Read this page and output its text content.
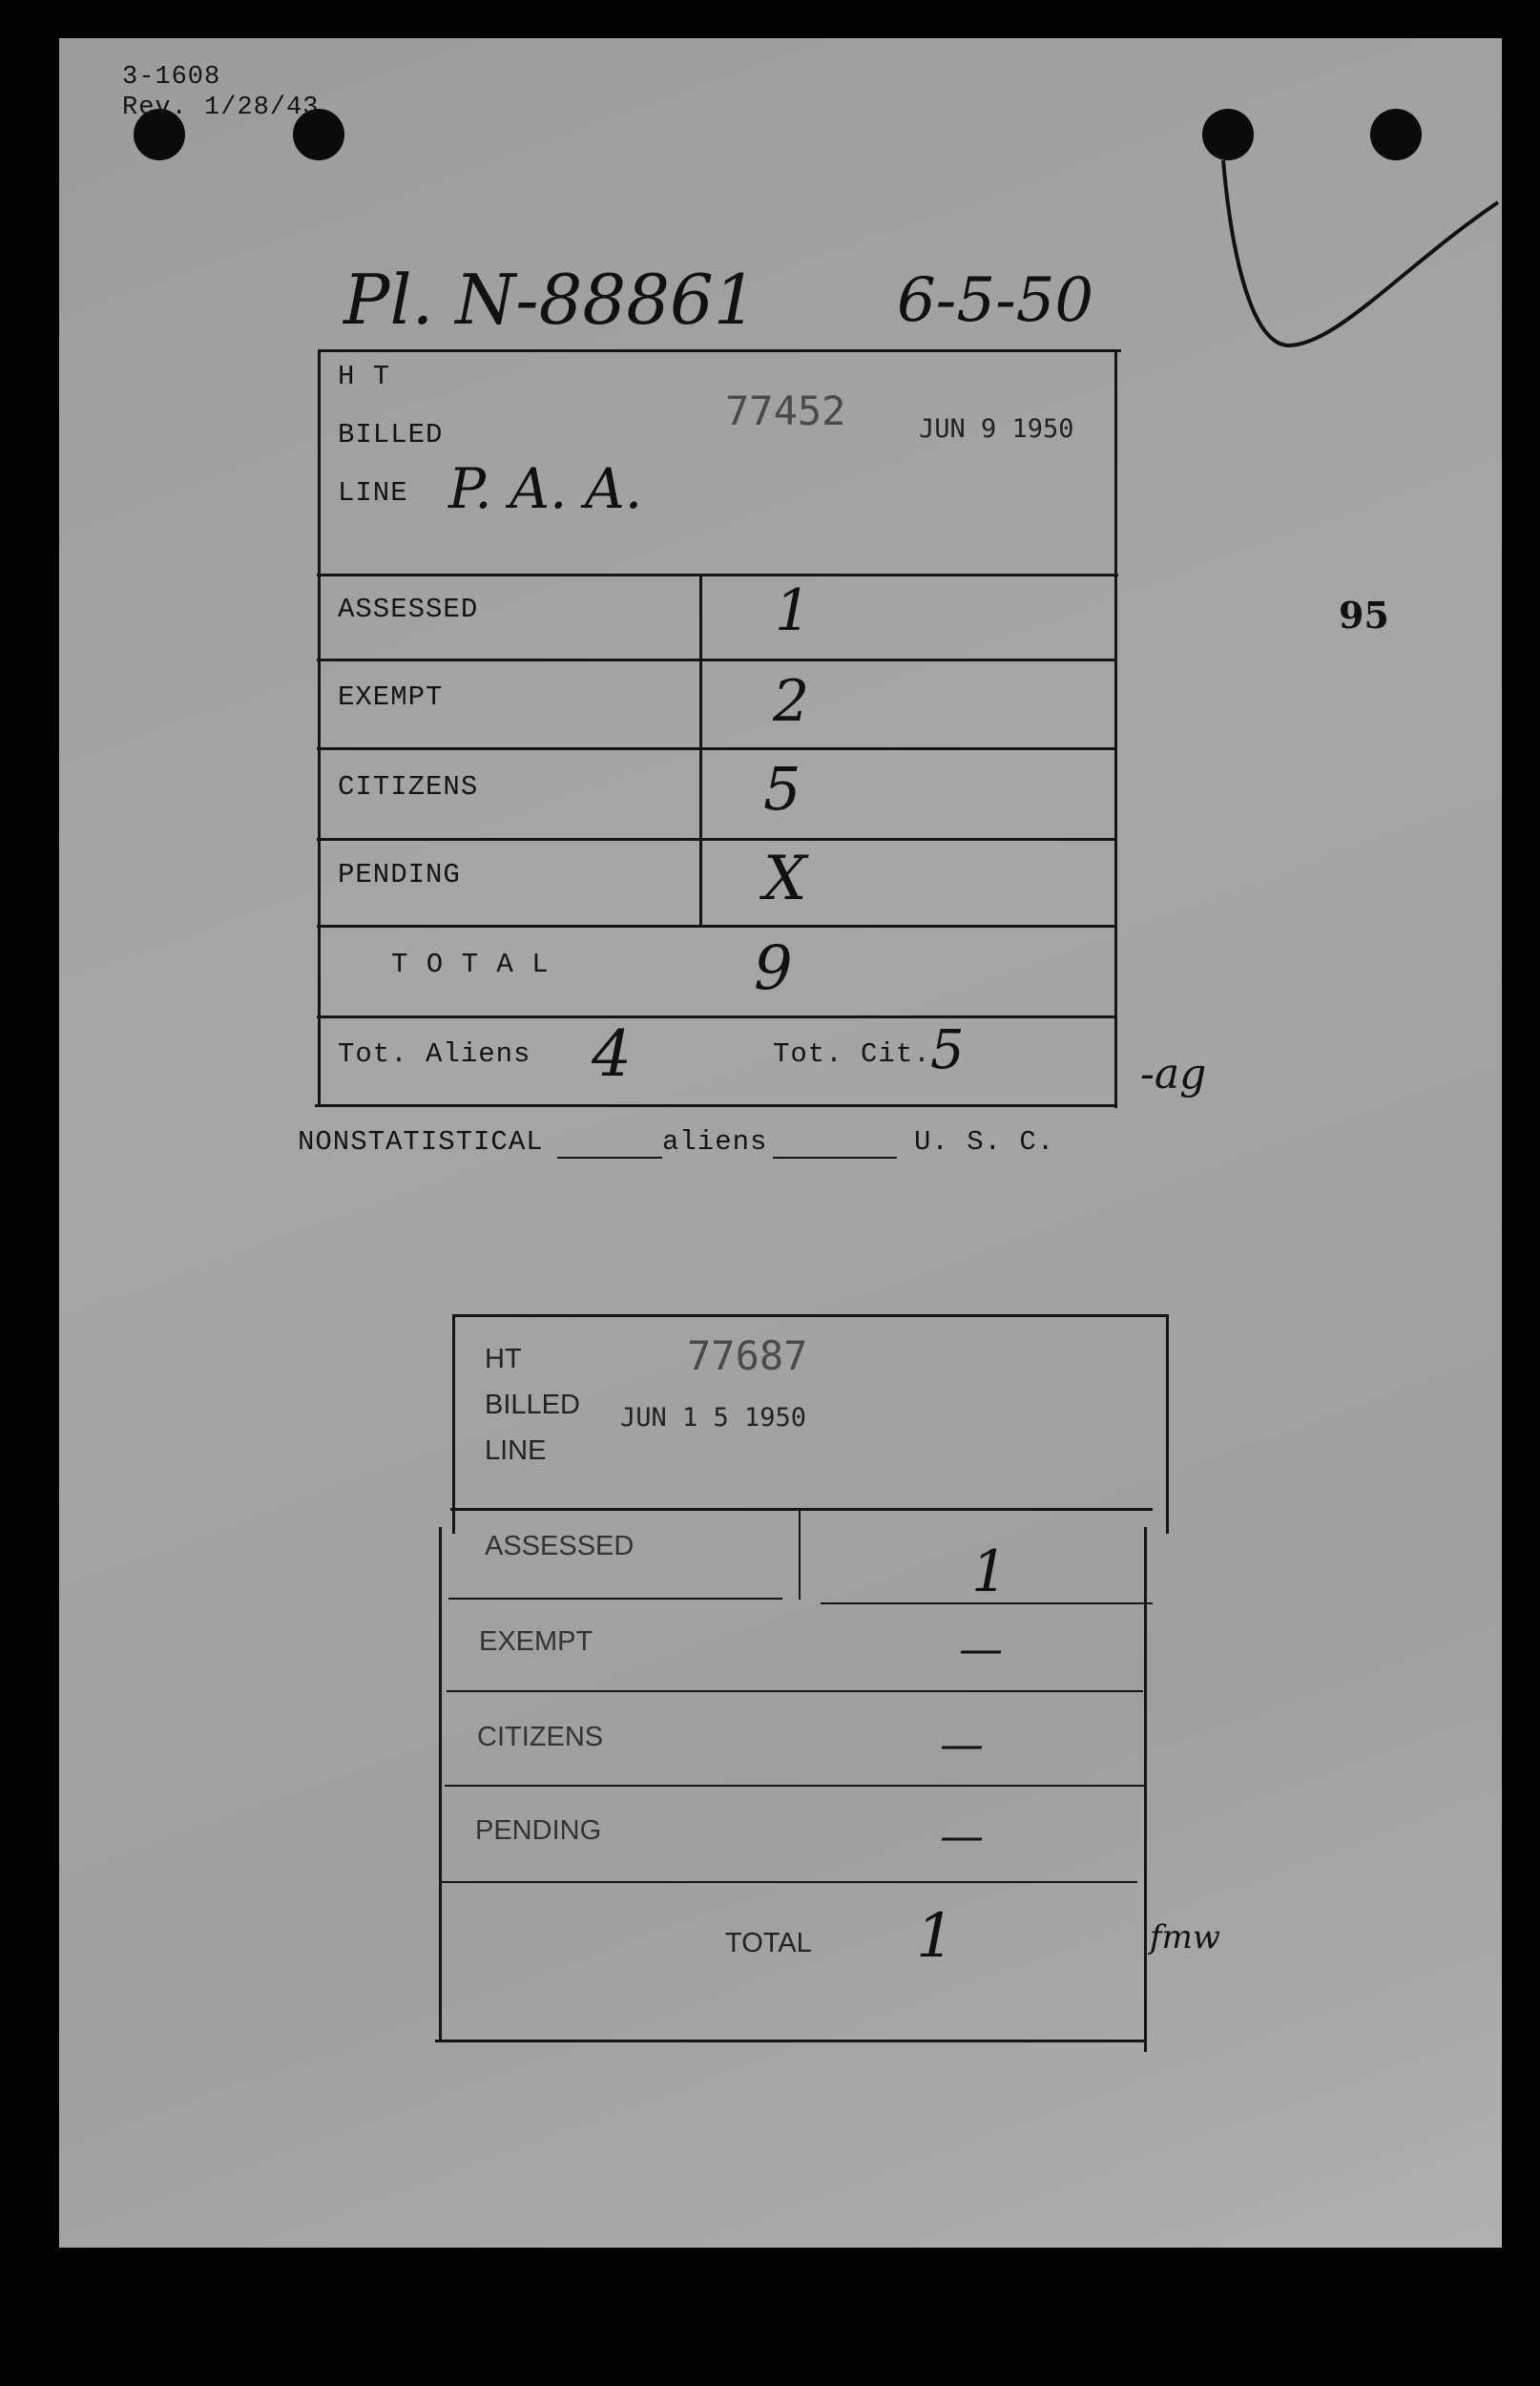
3-1608
Rev. 1/28/43
Pl. N-88861 6-5-50
95
H T
BILLED
LINE P. A. A.
77452	JUN 9 1950
ASSESSED	1
EXEMPT	2
CITIZENS	5
PENDING	X
T O T A L	9
Tot. Aliens 4	Tot. Cit. 5	-ag
NONSTATISTICAL	aliens	U. S. C.
HT
BILLED
LINE
77687
JUN 1 5 1950
ASSESSED	1
EXEMPT	—
CITIZENS	—
PENDING	—
TOTAL 1	fmw
